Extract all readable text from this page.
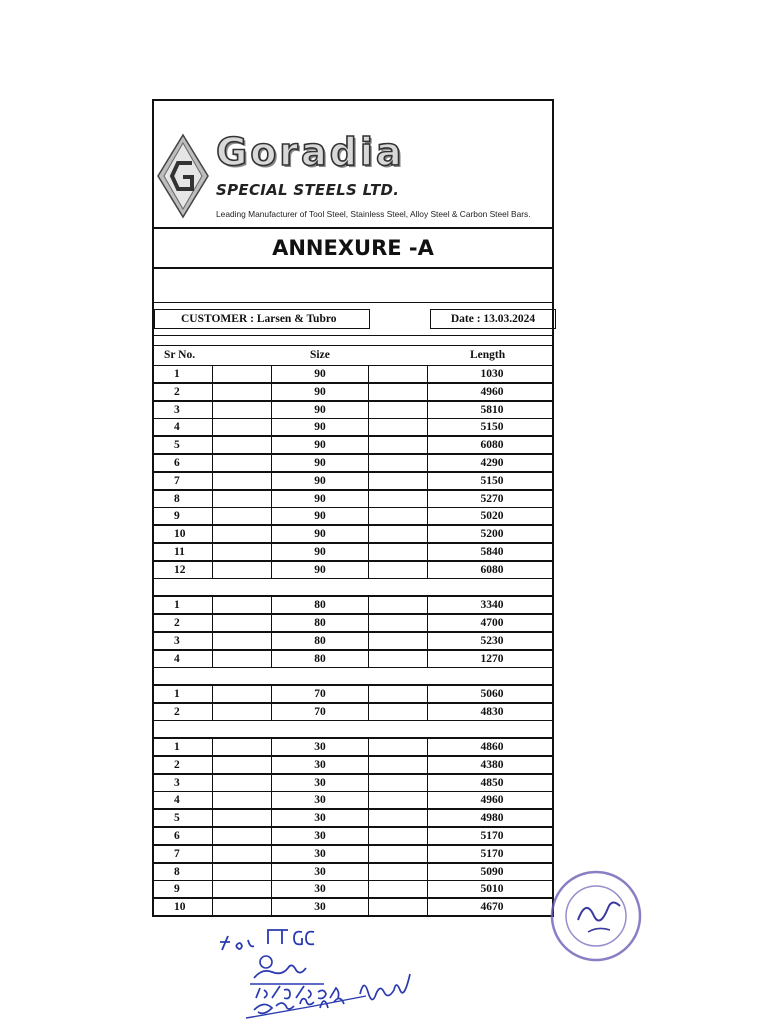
Goradia
SPECIAL STEELS LTD.
Leading Manufacturer of Tool Steel, Stainless Steel, Alloy Steel & Carbon Steel Bars.
ANNEXURE -A
CUSTOMER : Larsen & Tubro	Date : 13.03.2024
Sr No.	Size	Length
1	90	1030
2	90	4960
3	90	5810
4	90	5150
5	90	6080
6	90	4290
7	90	5150
8	90	5270
9	90	5020
10	90	5200
11	90	5840
12	90	6080
1	80	3340
2	80	4700
3	80	5230
4	80	1270
1	70	5060
2	70	4830
1	30	4860
2	30	4380
3	30	4850
4	30	4960
5	30	4980
6	30	5170
7	30	5170
8	30	5090
9	30	5010
10	30	4670
